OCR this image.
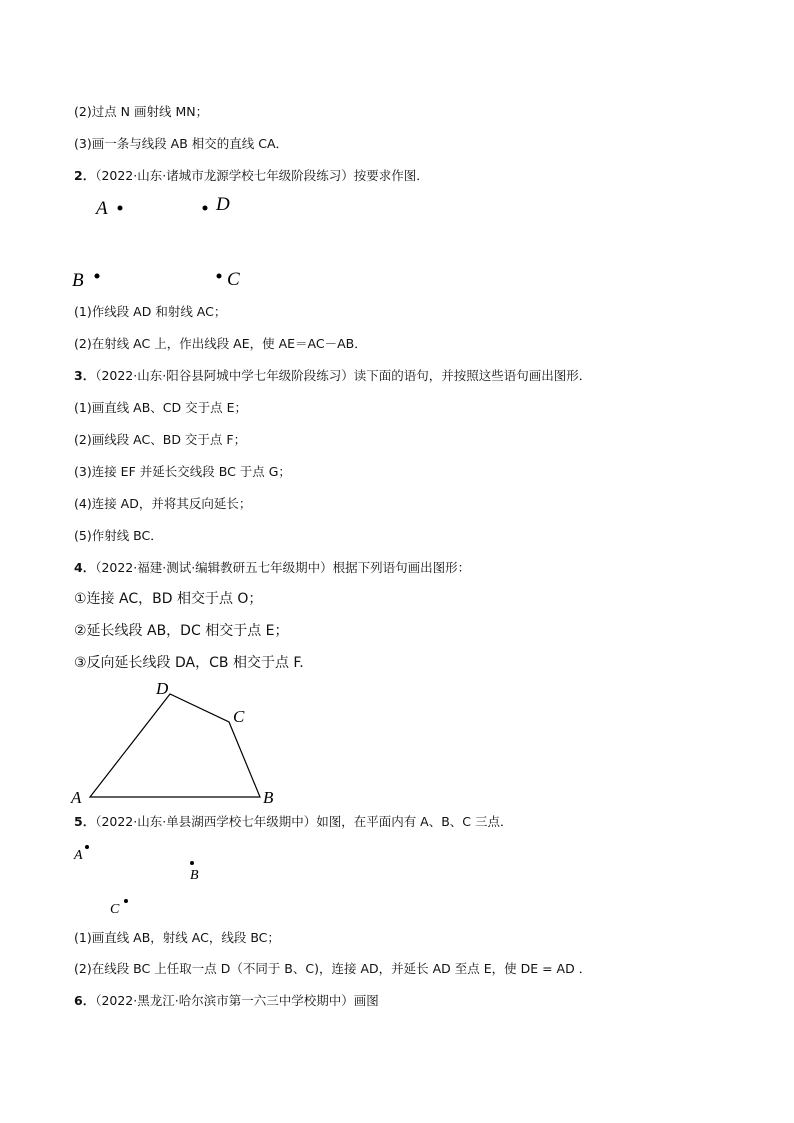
(2)过点 N 画射线 MN；
(3)画一条与线段 AB 相交的直线 CA．
2．（2022·山东·诸城市龙源学校七年级阶段练习）按要求作图．
A	D
B	C
(1)作线段 AD 和射线 AC；
(2)在射线 AC 上，作出线段 AE，使 AE＝AC－AB．
3．（2022·山东·阳谷县阿城中学七年级阶段练习）读下面的语句，并按照这些语句画出图形．
(1)画直线 AB、CD 交于点 E；
(2)画线段 AC、BD 交于点 F；
(3)连接 EF 并延长交线段 BC 于点 G；
(4)连接 AD，并将其反向延长；
(5)作射线 BC．
4．（2022·福建·测试·编辑教研五七年级期中）根据下列语句画出图形：
①连接 AC，BD 相交于点 O；
②延长线段 AB，DC 相交于点 E；
③反向延长线段 DA，CB 相交于点 F.
A	B
C
D
5．（2022·山东·单县湖西学校七年级期中）如图，在平面内有 A、B、C 三点．
A
B
C
(1)画直线 AB，射线 AC，线段 BC；
(2)在线段 BC 上任取一点 D（不同于 B、C)，连接 AD，并延长 AD 至点 E，使 DE = AD ．
6．（2022·黑龙江·哈尔滨市第一六三中学校期中）画图
